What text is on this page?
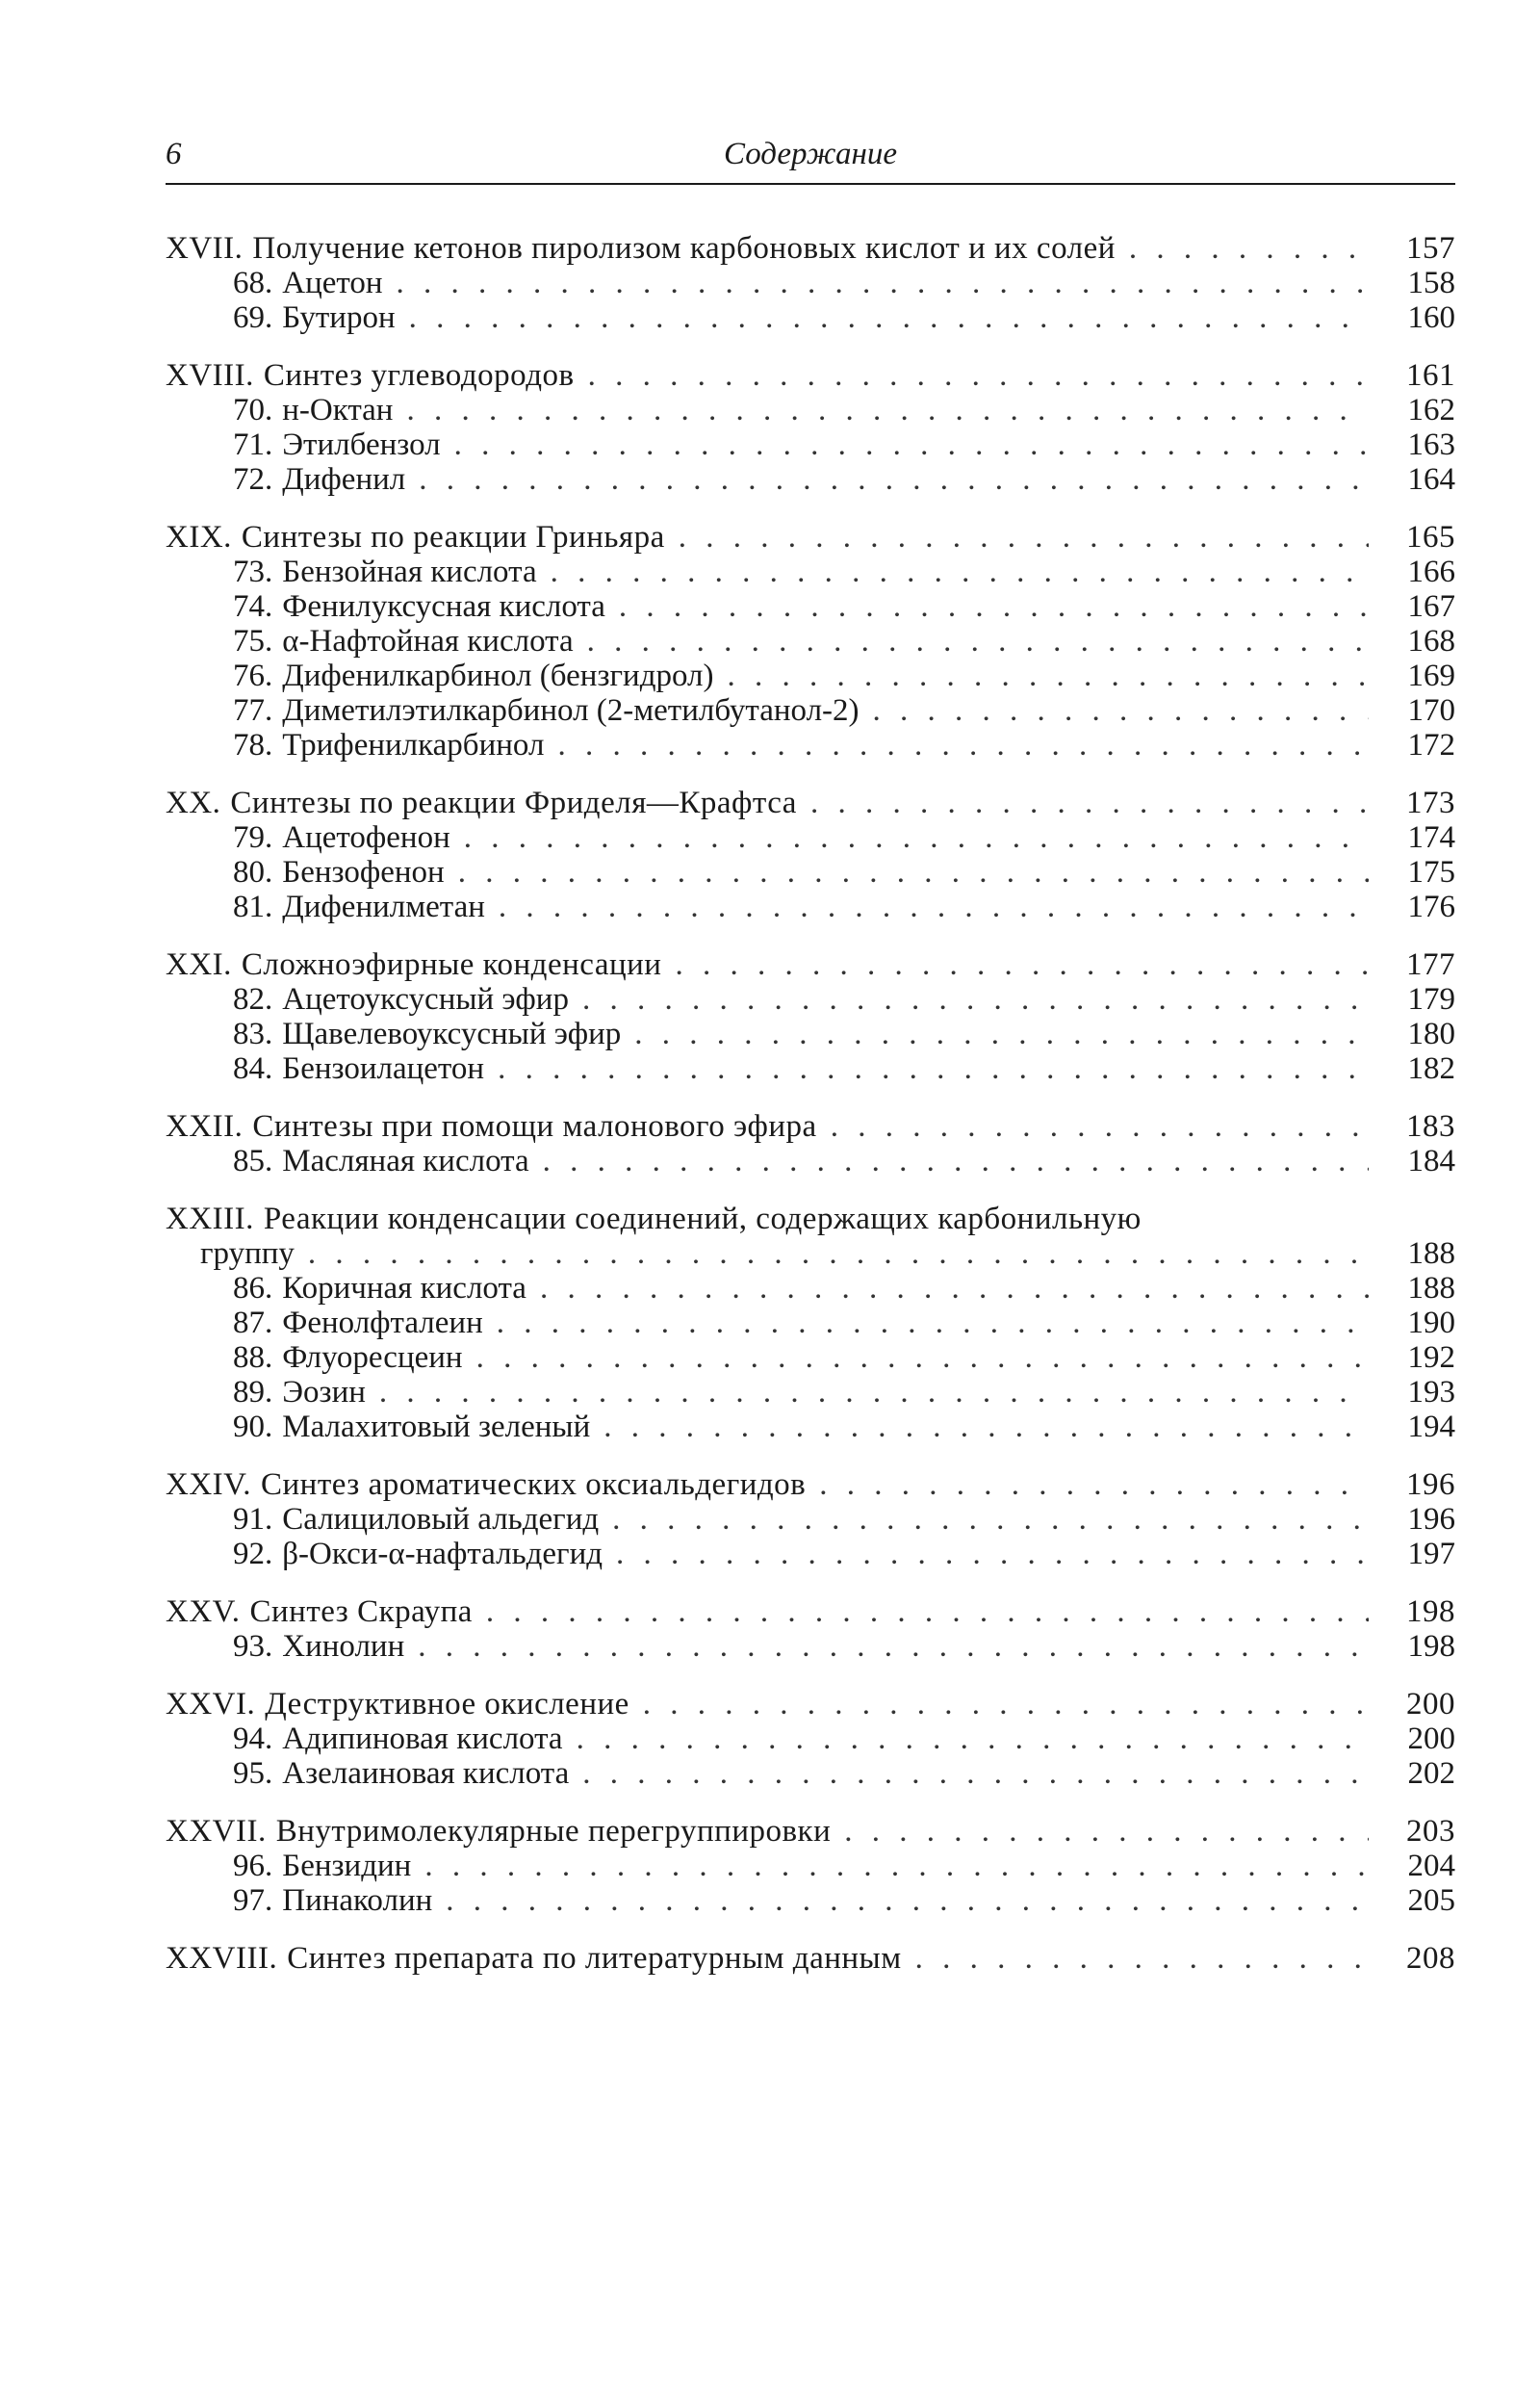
6	Содержание
XVII. Получение кетонов пиролизом карбоновых кислот и их солей . . .	157
68. Ацетон . . .	158
69. Бутирон . . .	160
XVIII. Синтез углеводородов . . .	161
70. н-Октан . . .	162
71. Этилбензол . . .	163
72. Дифенил . . .	164
XIX. Синтезы по реакции Гриньяра . . .	165
73. Бензойная кислота . . .	166
74. Фенилуксусная кислота . . .	167
75. α-Нафтойная кислота . . .	168
76. Дифенилкарбинол (бензгидрол) . . .	169
77. Диметилэтилкарбинол (2-метилбутанол-2) . . .	170
78. Трифенилкарбинол . . .	172
XX. Синтезы по реакции Фриделя—Крафтса . . .	173
79. Ацетофенон . . .	174
80. Бензофенон . . .	175
81. Дифенилметан . . .	176
XXI. Сложноэфирные конденсации . . .	177
82. Ацетоуксусный эфир . . .	179
83. Щавелевоуксусный эфир . . .	180
84. Бензоилацетон . . .	182
XXII. Синтезы при помощи малонового эфира . . .	183
85. Масляная кислота . . .	184
XXIII. Реакции конденсации соединений, содержащих карбонильную
группу . . .	188
86. Коричная кислота . . .	188
87. Фенолфталеин . . .	190
88. Флуоресцеин . . .	192
89. Эозин . . .	193
90. Малахитовый зеленый . . .	194
XXIV. Синтез ароматических оксиальдегидов . . .	196
91. Салициловый альдегид . . .	196
92. β-Окси-α-нафтальдегид . . .	197
XXV. Синтез Скраупа . . .	198
93. Хинолин . . .	198
XXVI. Деструктивное окисление . . .	200
94. Адипиновая кислота . . .	200
95. Азелаиновая кислота . . .	202
XXVII. Внутримолекулярные перегруппировки . . .	203
96. Бензидин . . .	204
97. Пинаколин . . .	205
XXVIII. Синтез препарата по литературным данным . . .	208
